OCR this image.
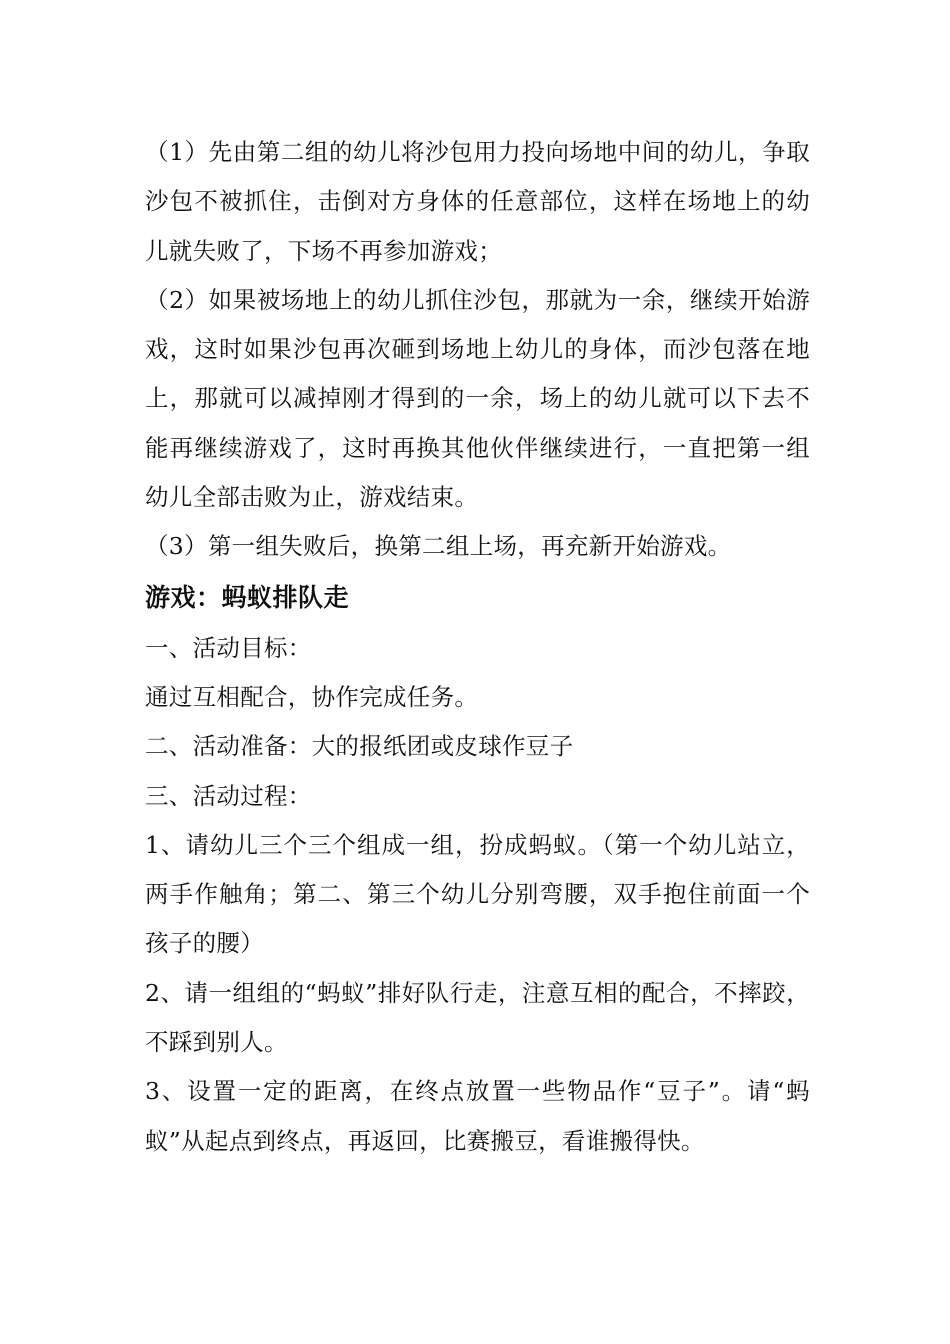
（1）先由第二组的幼儿将沙包用力投向场地中间的幼儿，争取沙包不被抓住，击倒对方身体的任意部位，这样在场地上的幼儿就失败了，下场不再参加游戏；

（2）如果被场地上的幼儿抓住沙包，那就为一余，继续开始游戏，这时如果沙包再次砸到场地上幼儿的身体，而沙包落在地上，那就可以减掉刚才得到的一余，场上的幼儿就可以下去不能再继续游戏了，这时再换其他伙伴继续进行，一直把第一组幼儿全部击败为止，游戏结束。

（3）第一组失败后，换第二组上场，再充新开始游戏。

游戏：蚂蚁排队走

一、活动目标：

通过互相配合，协作完成任务。

二、活动准备：大的报纸团或皮球作豆子

三、活动过程：

1、请幼儿三个三个组成一组，扮成蚂蚁。（第一个幼儿站立，两手作触角；第二、第三个幼儿分别弯腰，双手抱住前面一个孩子的腰）

2、请一组组的“蚂蚁”排好队行走，注意互相的配合，不摔跤，不踩到别人。

3、设置一定的距离，在终点放置一些物品作“豆子”。请“蚂蚁”从起点到终点，再返回，比赛搬豆，看谁搬得快。
